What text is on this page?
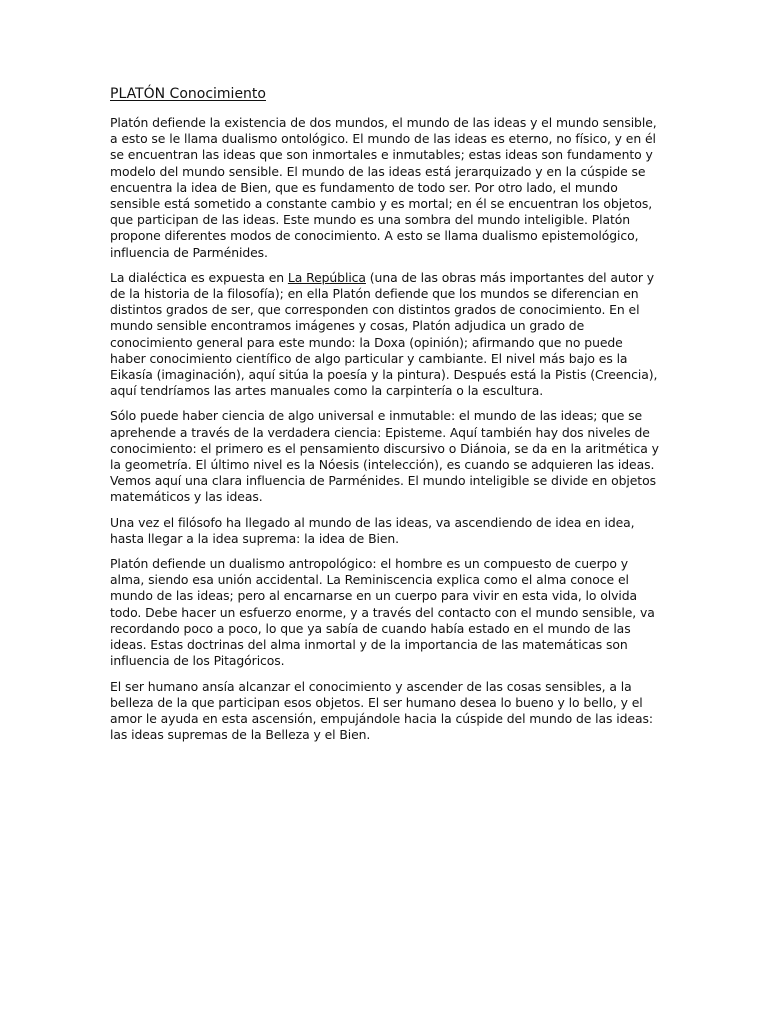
PLATÓN Conocimiento

Platón defiende la existencia de dos mundos, el mundo de las ideas y el mundo sensible, a esto se le llama dualismo ontológico. El mundo de las ideas es eterno, no físico, y en él se encuentran las ideas que son inmortales e inmutables; estas ideas son fundamento y modelo del mundo sensible. El mundo de las ideas está jerarquizado y en la cúspide se encuentra la idea de Bien, que es fundamento de todo ser. Por otro lado, el mundo sensible está sometido a constante cambio y es mortal; en él se encuentran los objetos, que participan de las ideas. Este mundo es una sombra del mundo inteligible. Platón propone diferentes modos de conocimiento. A esto se llama dualismo epistemológico, influencia de Parménides.

La dialéctica es expuesta en La República (una de las obras más importantes del autor y de la historia de la filosofía); en ella Platón defiende que los mundos se diferencian en distintos grados de ser, que corresponden con distintos grados de conocimiento. En el mundo sensible encontramos imágenes y cosas, Platón adjudica un grado de conocimiento general para este mundo: la Doxa (opinión); afirmando que no puede haber conocimiento científico de algo particular y cambiante. El nivel más bajo es la Eikasía (imaginación), aquí sitúa la poesía y la pintura). Después está la Pistis (Creencia), aquí tendríamos las artes manuales como la carpintería o la escultura.

Sólo puede haber ciencia de algo universal e inmutable: el mundo de las ideas; que se aprehende a través de la verdadera ciencia: Episteme. Aquí también hay dos niveles de conocimiento: el primero es el pensamiento discursivo o Diánoia, se da en la aritmética y la geometría. El último nivel es la Nóesis (intelección), es cuando se adquieren las ideas. Vemos aquí una clara influencia de Parménides. El mundo inteligible se divide en objetos matemáticos y las ideas.

Una vez el filósofo ha llegado al mundo de las ideas, va ascendiendo de idea en idea, hasta llegar a la idea suprema: la idea de Bien.

Platón defiende un dualismo antropológico: el hombre es un compuesto de cuerpo y alma, siendo esa unión accidental. La Reminiscencia explica como el alma conoce el mundo de las ideas; pero al encarnarse en un cuerpo para vivir en esta vida, lo olvida todo. Debe hacer un esfuerzo enorme, y a través del contacto con el mundo sensible, va recordando poco a poco, lo que ya sabía de cuando había estado en el mundo de las ideas. Estas doctrinas del alma inmortal y de la importancia de las matemáticas son influencia de los Pitagóricos.

El ser humano ansía alcanzar el conocimiento y ascender de las cosas sensibles, a la belleza de la que participan esos objetos. El ser humano desea lo bueno y lo bello, y el amor le ayuda en esta ascensión, empujándole hacia la cúspide del mundo de las ideas: las ideas supremas de la Belleza y el Bien.
